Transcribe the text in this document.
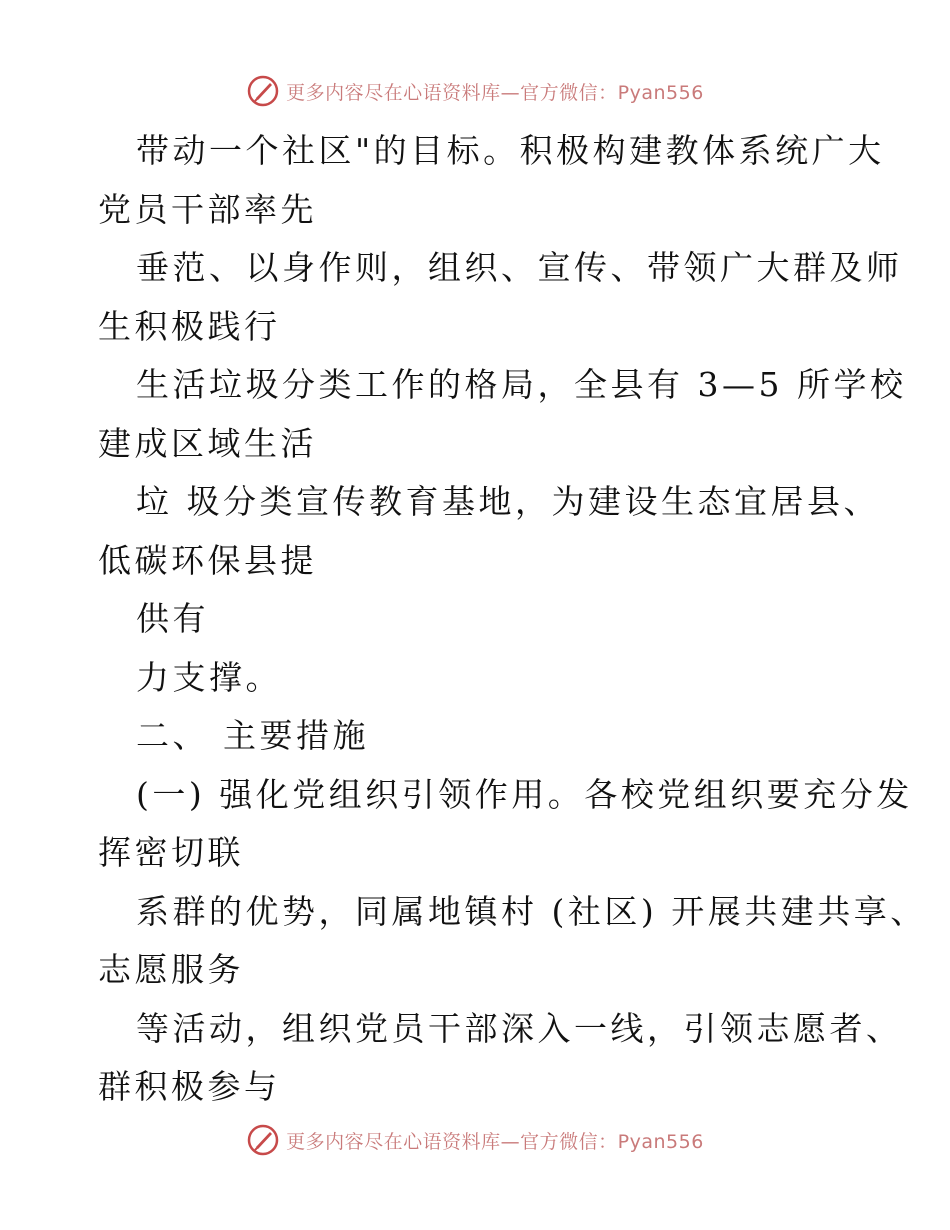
更多内容尽在心语资料库—官方微信：Pyan556
带动一个社区"的目标。积极构建教体系统广大
党员干部率先
垂范、以身作则，组织、宣传、带领广大群及师
生积极践行
生活垃圾分类工作的格局，全县有 3—5 所学校
建成区域生活
垃 圾分类宣传教育基地，为建设生态宜居县、
低碳环保县提
供有
力支撑。
二、 主要措施
(一) 强化党组织引领作用。各校党组织要充分发
挥密切联
系群的优势，同属地镇村 (社区) 开展共建共享、
志愿服务
等活动，组织党员干部深入一线，引领志愿者、
群积极参与
更多内容尽在心语资料库—官方微信：Pyan556
